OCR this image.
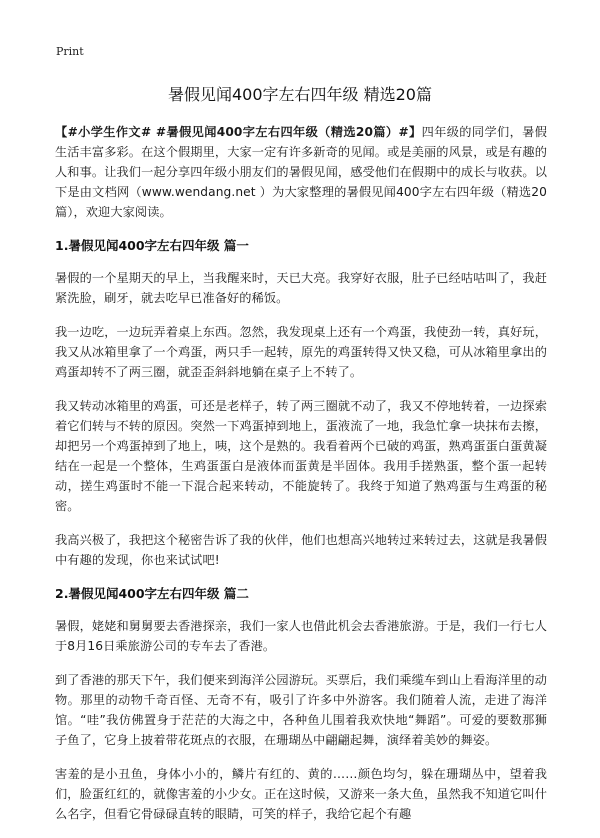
Print
暑假见闻400字左右四年级 精选20篇

【#小学生作文# #暑假见闻400字左右四年级（精选20篇）#】四年级的同学们，暑假生活丰富多彩。在这个假期里，大家一定有许多新奇的见闻。或是美丽的风景，或是有趣的人和事。让我们一起分享四年级小朋友们的暑假见闻，感受他们在假期中的成长与收获。以下是由文档网（www.wendang.net ）为大家整理的暑假见闻400字左右四年级（精选20篇），欢迎大家阅读。

1.暑假见闻400字左右四年级 篇一

暑假的一个星期天的早上，当我醒来时，天已大亮。我穿好衣服，肚子已经咕咕叫了，我赶紧洗脸，刷牙，就去吃早已准备好的稀饭。

我一边吃，一边玩弄着桌上东西。忽然，我发现桌上还有一个鸡蛋，我使劲一转，真好玩，我又从冰箱里拿了一个鸡蛋，两只手一起转，原先的鸡蛋转得又快又稳，可从冰箱里拿出的鸡蛋却转不了两三圈，就歪歪斜斜地躺在桌子上不转了。

我又转动冰箱里的鸡蛋，可还是老样子，转了两三圈就不动了，我又不停地转着，一边探索着它们转与不转的原因。突然一下鸡蛋掉到地上，蛋液流了一地，我急忙拿一块抹布去擦，却把另一个鸡蛋掉到了地上，咦，这个是熟的。我看着两个已破的鸡蛋，熟鸡蛋蛋白蛋黄凝结在一起是一个整体，生鸡蛋蛋白是液体而蛋黄是半固体。我用手搓熟蛋，整个蛋一起转动，搓生鸡蛋时不能一下混合起来转动，不能旋转了。我终于知道了熟鸡蛋与生鸡蛋的秘密。

我高兴极了，我把这个秘密告诉了我的伙伴，他们也想高兴地转过来转过去，这就是我暑假中有趣的发现，你也来试试吧!

2.暑假见闻400字左右四年级 篇二

暑假，姥姥和舅舅要去香港探亲，我们一家人也借此机会去香港旅游。于是，我们一行七人于8月16日乘旅游公司的专车去了香港。

到了香港的那天下午，我们便来到海洋公园游玩。买票后，我们乘缆车到山上看海洋里的动物。那里的动物千奇百怪、无奇不有，吸引了许多中外游客。我们随着人流，走进了海洋馆。“哇”我仿佛置身于茫茫的大海之中，各种鱼儿围着我欢快地“舞蹈”。可爱的要数那狮子鱼了，它身上披着带花斑点的衣服，在珊瑚丛中翩翩起舞，演绎着美妙的舞姿。

害羞的是小丑鱼，身体小小的，鳞片有红的、黄的……颜色均匀，躲在珊瑚丛中，望着我们，脸蛋红红的，就像害羞的小少女。正在这时候，又游来一条大鱼，虽然我不知道它叫什么名字，但看它骨碌碌直转的眼睛，可笑的样子，我给它起个有趣
